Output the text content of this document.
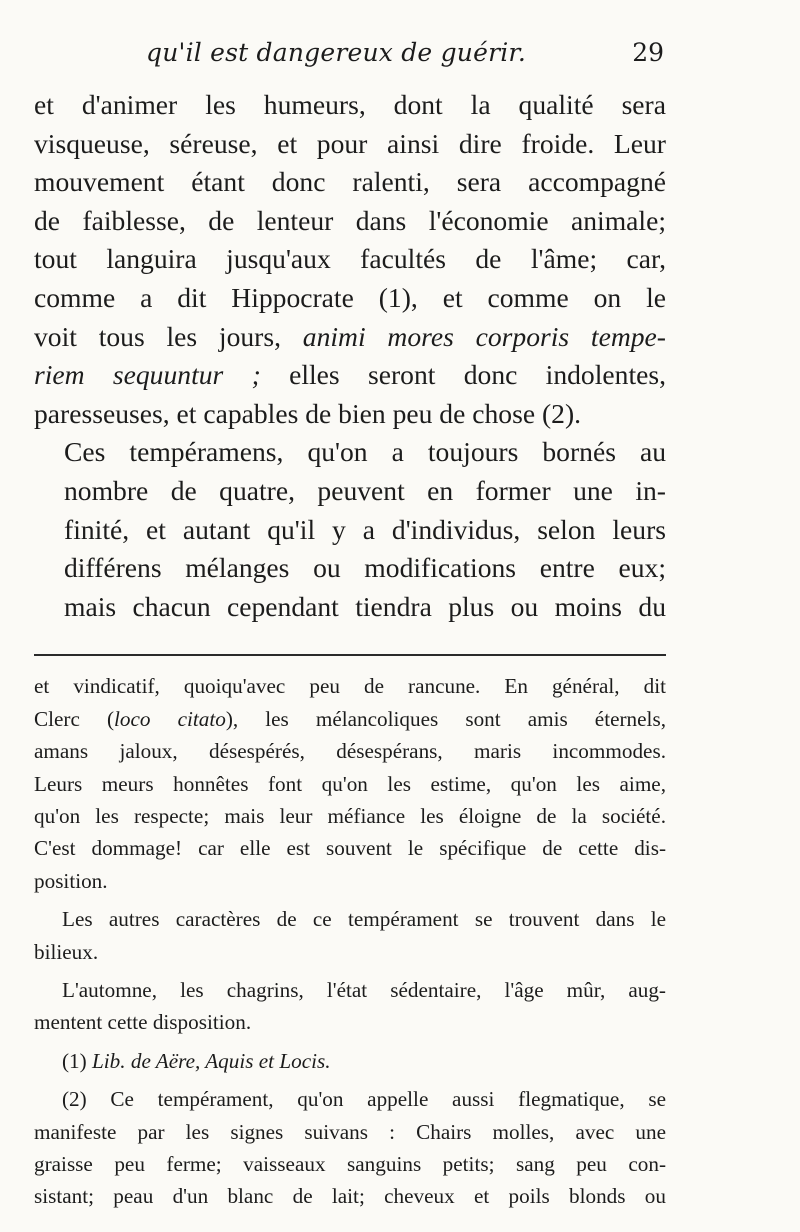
qu'il est dangereux de guérir.	29

et d'animer les humeurs, dont la qualité sera
visqueuse, séreuse, et pour ainsi dire froide. Leur
mouvement étant donc ralenti, sera accompagné
de faiblesse, de lenteur dans l'économie animale;
tout languira jusqu'aux facultés de l'âme; car,
comme a dit Hippocrate (1), et comme on le
voit tous les jours, animi mores corporis tempe-
riem sequuntur ; elles seront donc indolentes,
paresseuses, et capables de bien peu de chose (2).

Ces tempéramens, qu'on a toujours bornés au
nombre de quatre, peuvent en former une in-
finité, et autant qu'il y a d'individus, selon leurs
différens mélanges ou modifications entre eux;
mais chacun cependant tiendra plus ou moins du

et vindicatif, quoiqu'avec peu de rancune. En général, dit
Clerc (loco citato), les mélancoliques sont amis éternels,
amans jaloux, désespérés, désespérans, maris incommodes.
Leurs meurs honnêtes font qu'on les estime, qu'on les aime,
qu'on les respecte; mais leur méfiance les éloigne de la société.
C'est dommage! car elle est souvent le spécifique de cette dis-
position.

Les autres caractères de ce tempérament se trouvent dans le
bilieux.

L'automne, les chagrins, l'état sédentaire, l'âge mûr, aug-
mentent cette disposition.

(1) Lib. de Aëre, Aquis et Locis.

(2) Ce tempérament, qu'on appelle aussi flegmatique, se
manifeste par les signes suivans : Chairs molles, avec une
graisse peu ferme; vaisseaux sanguins petits; sang peu con-
sistant; peau d'un blanc de lait; cheveux et poils blonds ou
